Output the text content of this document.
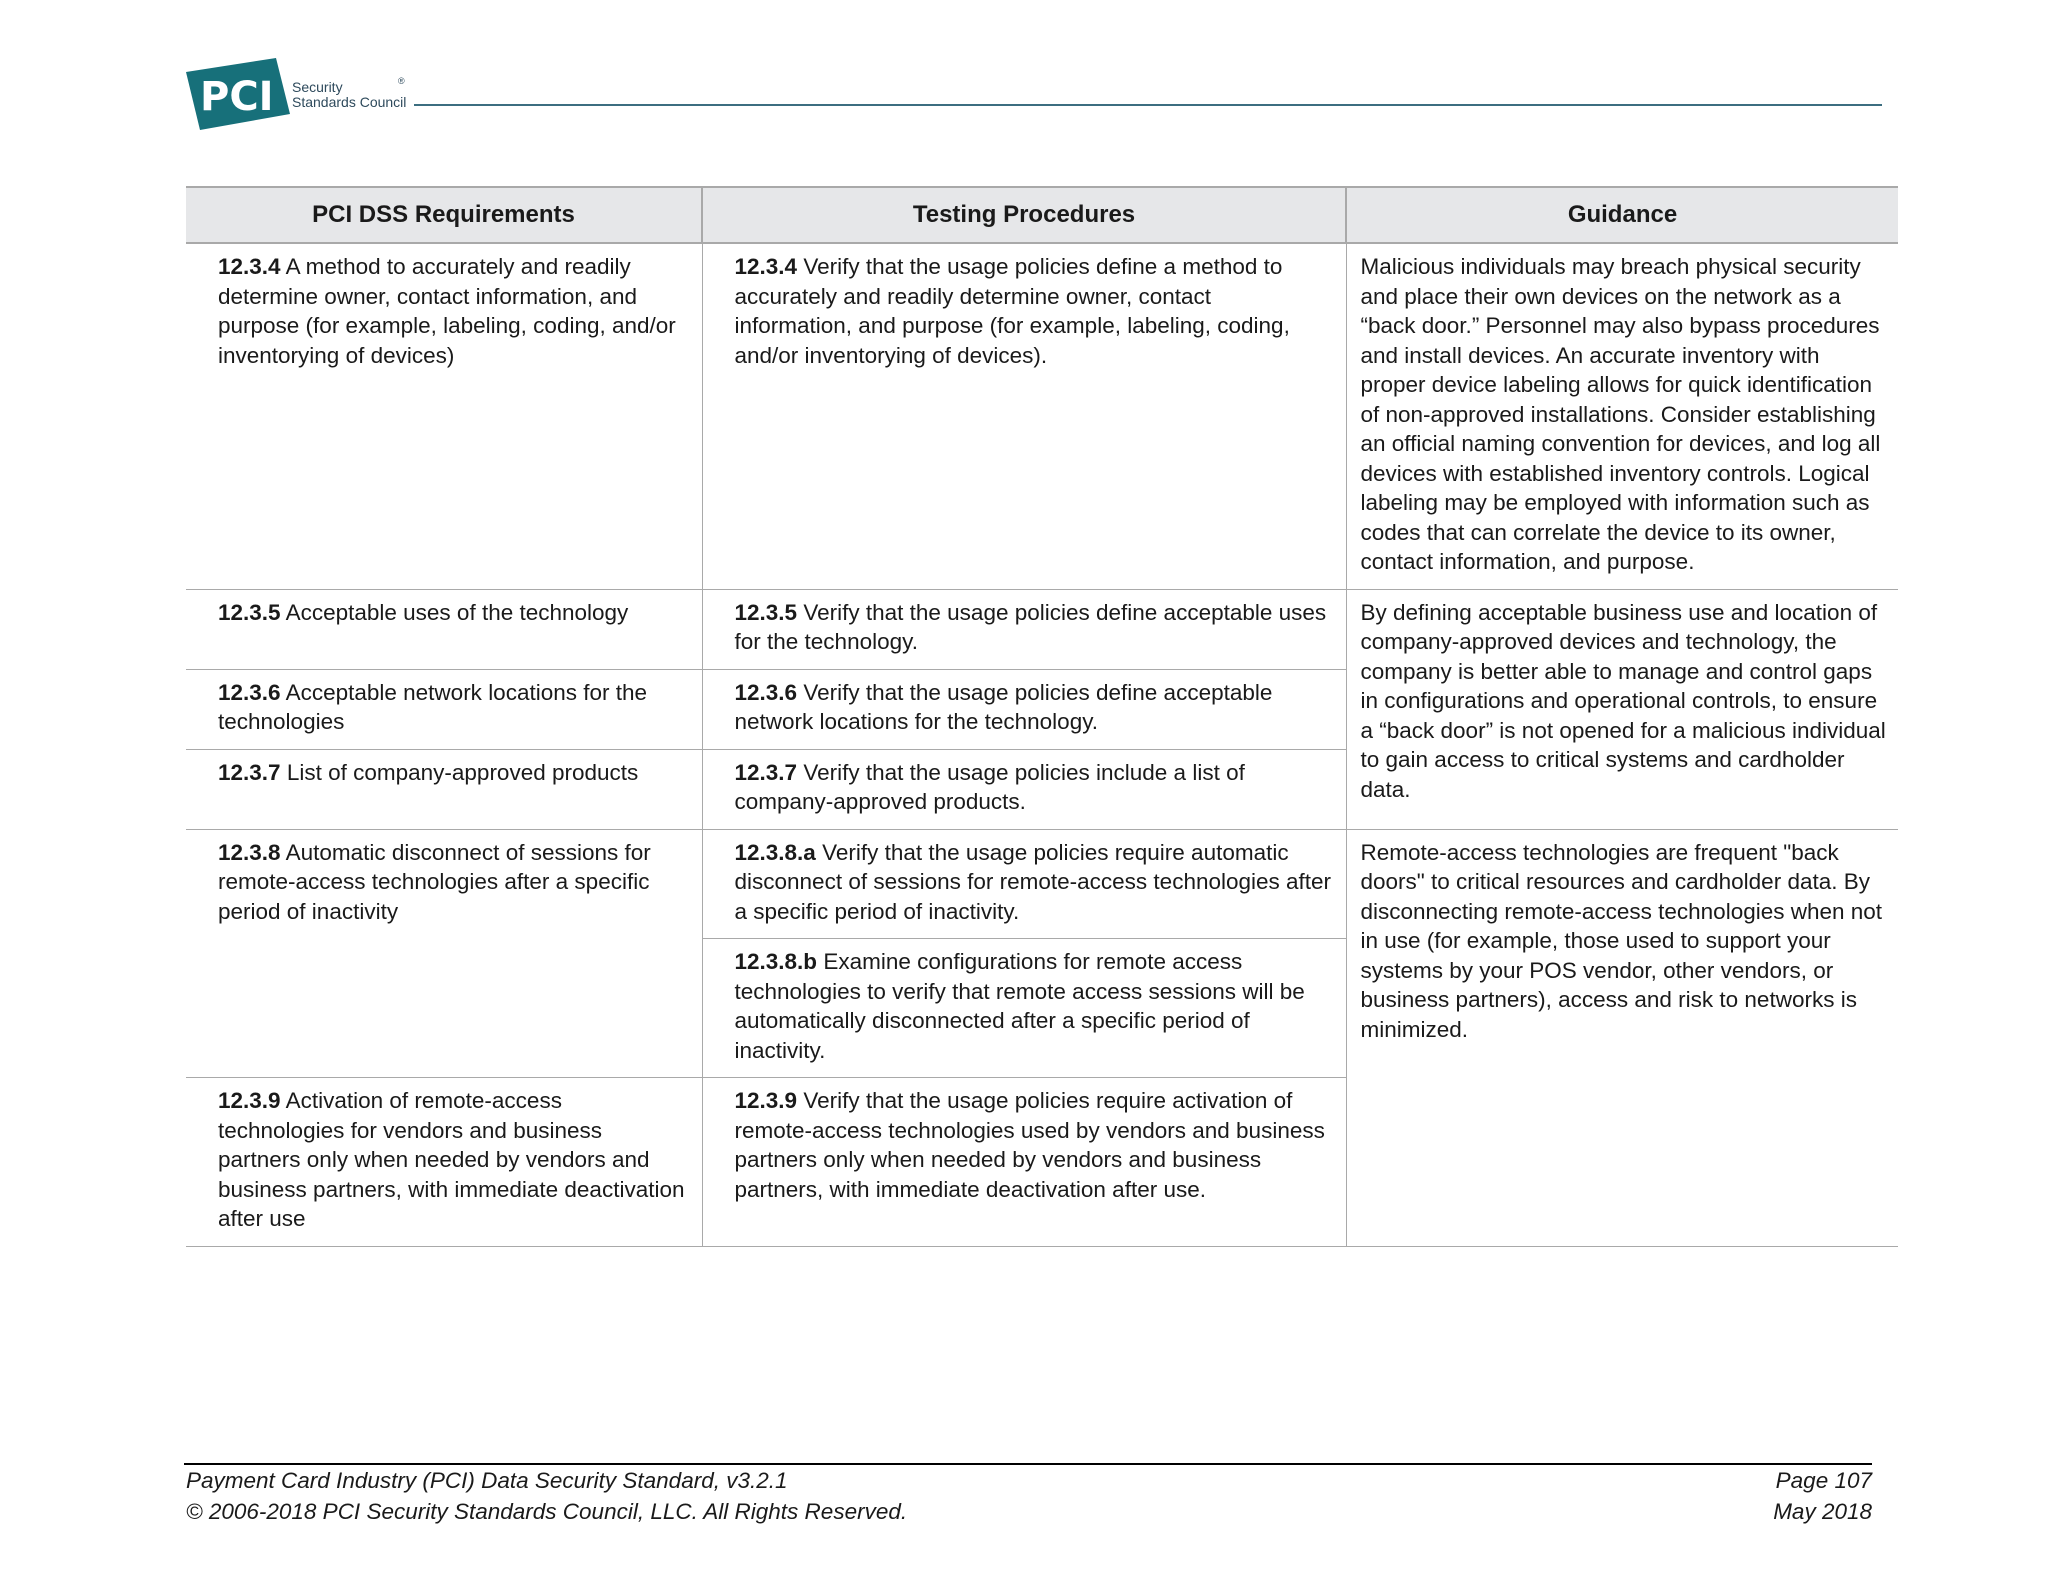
PCI Security
Standards Council
®
PCI DSS Requirements	Testing Procedures	Guidance
12.3.4 A method to accurately and readily determine owner, contact information, and purpose (for example, labeling, coding, and/or inventorying of devices)	12.3.4 Verify that the usage policies define a method to accurately and readily determine owner, contact information, and purpose (for example, labeling, coding, and/or inventorying of devices).	Malicious individuals may breach physical security and place their own devices on the network as a “back door.” Personnel may also bypass procedures and install devices. An accurate inventory with proper device labeling allows for quick identification of non-approved installations. Consider establishing an official naming convention for devices, and log all devices with established inventory controls. Logical labeling may be employed with information such as codes that can correlate the device to its owner, contact information, and purpose.
12.3.5 Acceptable uses of the technology	12.3.5 Verify that the usage policies define acceptable uses for the technology.	By defining acceptable business use and location of company-approved devices and technology, the company is better able to manage and control gaps in configurations and operational controls, to ensure a “back door” is not opened for a malicious individual to gain access to critical systems and cardholder data.
12.3.6 Acceptable network locations for the technologies	12.3.6 Verify that the usage policies define acceptable network locations for the technology.	
12.3.7 List of company-approved products	12.3.7 Verify that the usage policies include a list of company-approved products.	
12.3.8 Automatic disconnect of sessions for remote-access technologies after a specific period of inactivity	12.3.8.a Verify that the usage policies require automatic disconnect of sessions for remote-access technologies after a specific period of inactivity.	Remote-access technologies are frequent "back doors" to critical resources and cardholder data. By disconnecting remote-access technologies when not in use (for example, those used to support your systems by your POS vendor, other vendors, or business partners), access and risk to networks is minimized.
	12.3.8.b Examine configurations for remote access technologies to verify that remote access sessions will be automatically disconnected after a specific period of inactivity.	
12.3.9 Activation of remote-access technologies for vendors and business partners only when needed by vendors and business partners, with immediate deactivation after use	12.3.9 Verify that the usage policies require activation of remote-access technologies used by vendors and business partners only when needed by vendors and business partners, with immediate deactivation after use.	
Payment Card Industry (PCI) Data Security Standard, v3.2.1	Page 107
© 2006-2018 PCI Security Standards Council, LLC. All Rights Reserved.	May 2018
